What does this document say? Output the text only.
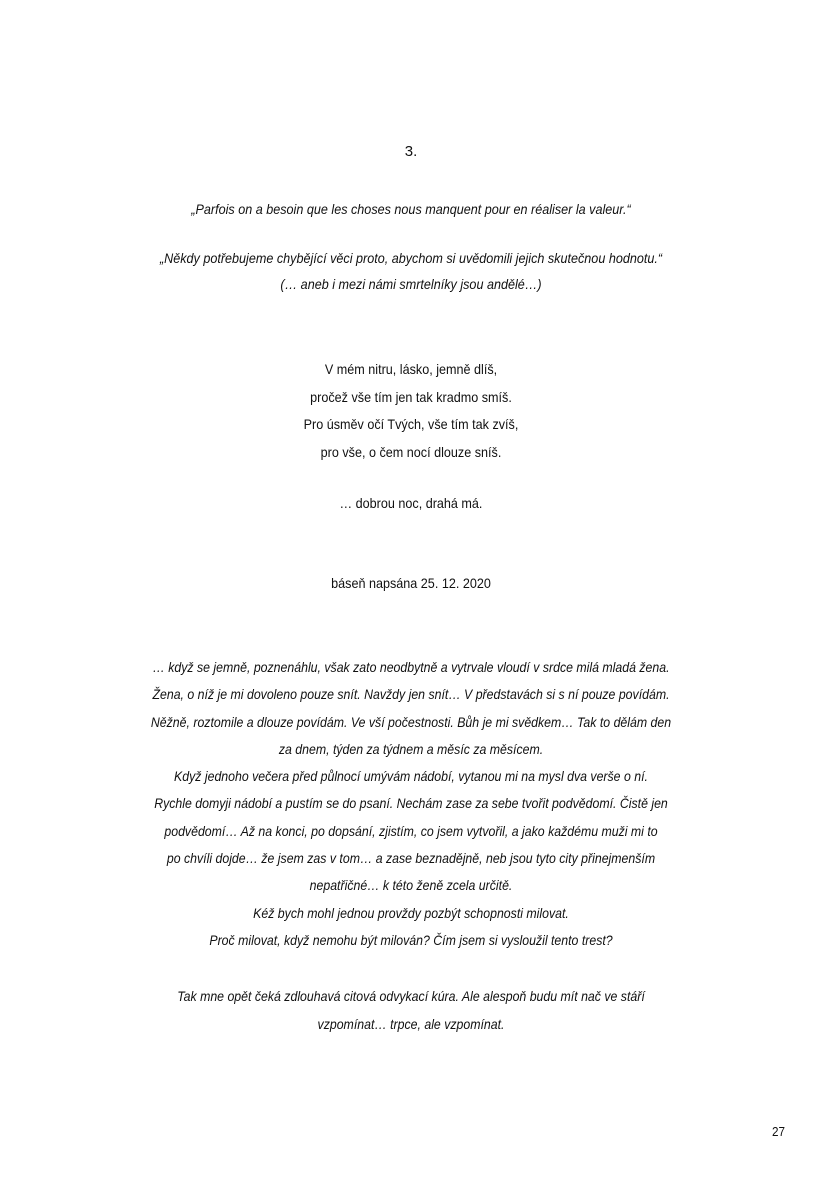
3.
„Parfois on a besoin que les choses nous manquent pour en réaliser la valeur.“
„Někdy potřebujeme chybějící věci proto, abychom si uvědomili jejich skutečnou hodnotu.“
(… aneb i mezi námi smrtelníky jsou andělé…)
V mém nitru, lásko, jemně dlíš,
pročež vše tím jen tak kradmo smíš.
Pro úsměv očí Tvých, vše tím tak zvíš,
pro vše, o čem nocí dlouze sníš.
… dobrou noc, drahá má.
báseň napsána 25. 12. 2020
… když se jemně, poznenáhlu, však zato neodbytně a vytrvale vloudí v srdce milá mladá žena.
Žena, o níž je mi dovoleno pouze snít. Navždy jen snít… V představách si s ní pouze povídám.
Něžně, roztomile a dlouze povídám. Ve vší počestnosti. Bůh je mi svědkem… Tak to dělám den
za dnem, týden za týdnem a měsíc za měsícem.
Když jednoho večera před půlnocí umývám nádobí, vytanou mi na mysl dva verše o ní.
Rychle domyji nádobí a pustím se do psaní. Nechám zase za sebe tvořit podvědomí. Čistě jen
podvědomí… Až na konci, po dopsání, zjistím, co jsem vytvořil, a jako každému muži mi to
po chvíli dojde… že jsem zas v tom… a zase beznadějně, neb jsou tyto city přinejmenším
nepatřičné… k této ženě zcela určitě.
Kéž bych mohl jednou provždy pozbýt schopnosti milovat.
Proč milovat, když nemohu být milován? Čím jsem si vysloužil tento trest?
Tak mne opět čeká zdlouhavá citová odvykací kúra. Ale alespoň budu mít nač ve stáří
vzpomínat… trpce, ale vzpomínat.
27
